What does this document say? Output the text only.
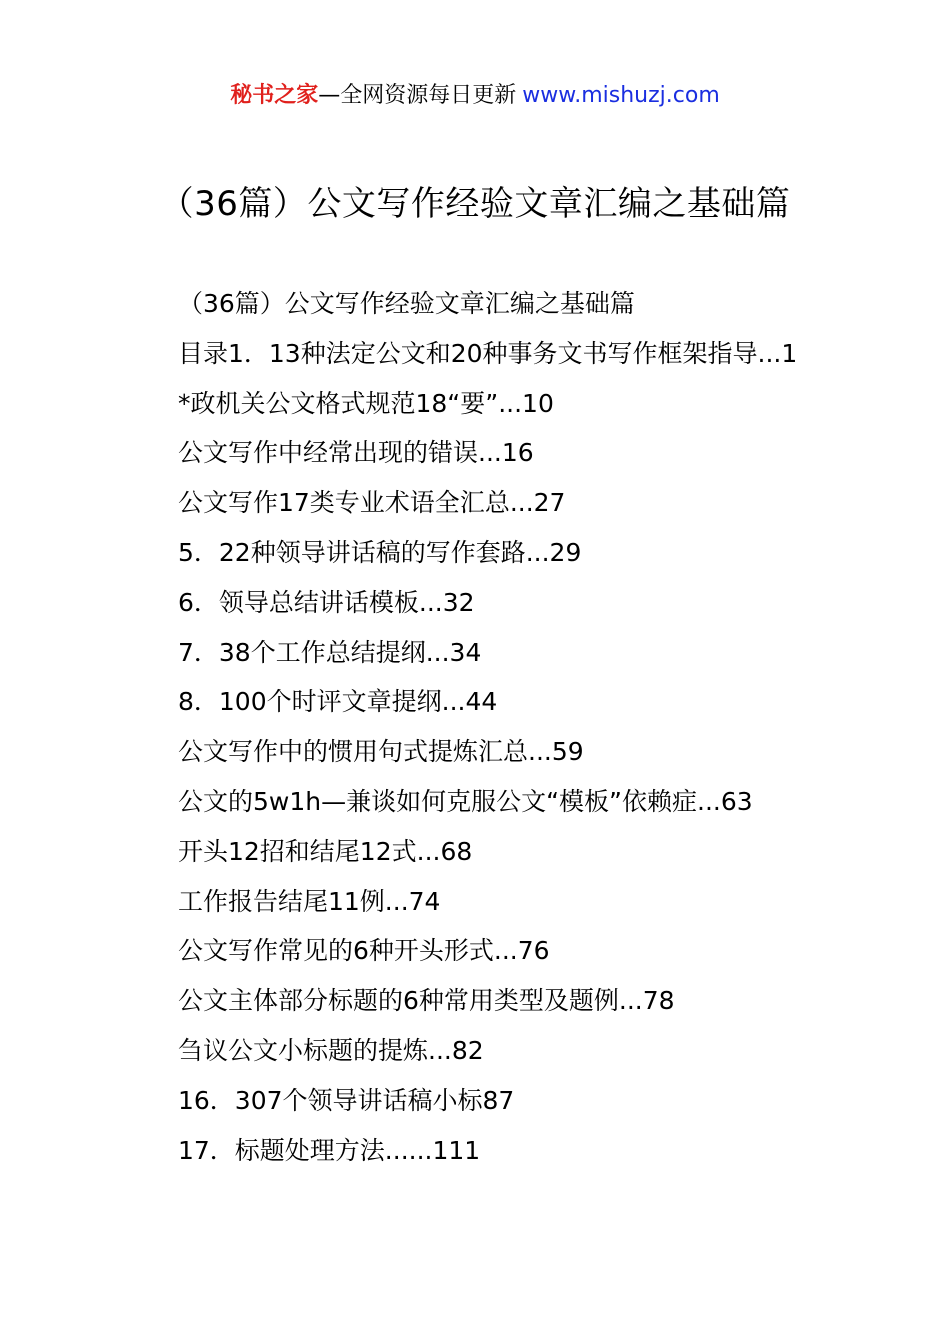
秘书之家—全网资源每日更新 www.mishuzj.com
（36篇）公文写作经验文章汇编之基础篇
（36篇）公文写作经验文章汇编之基础篇
目录1．13种法定公文和20种事务文书写作框架指导...1
*政机关公文格式规范18“要”...10
公文写作中经常出现的错误...16
公文写作17类专业术语全汇总...27
5．22种领导讲话稿的写作套路...29
6．领导总结讲话模板...32
7．38个工作总结提纲...34
8．100个时评文章提纲...44
公文写作中的惯用句式提炼汇总...59
公文的5w1h—兼谈如何克服公文“模板”依赖症...63
开头12招和结尾12式...68
工作报告结尾11例...74
公文写作常见的6种开头形式...76
公文主体部分标题的6种常用类型及题例...78
刍议公文小标题的提炼...82
16．307个领导讲话稿小标87
17．标题处理方法......111
